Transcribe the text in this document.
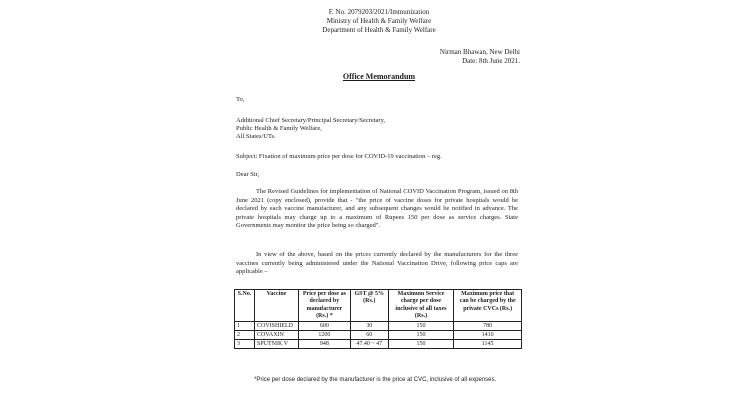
F. No. 2079203/2021/Immunization
Ministry of Health & Family Welfare
Department of Health & Family Welfare
Nirman Bhawan, New Delhi
Date: 8th June 2021.
Office Memorandum
To,
Additional Chief Secretary/Principal Secretary/Secretary,
Public Health & Family Welfare,
All States/UTs.
Subject: Fixation of maximum price per dose for COVID-19 vaccination – reg.
Dear Sir,
The Revised Guidelines for implementation of National COVID Vaccination Program, issued on 8th June 2021 (copy enclosed), provide that - "the price of vaccine doses for private hospitals would be declared by each vaccine manufacturer, and any subsequent changes would be notified in advance. The private hospitals may charge up to a maximum of Rupees 150 per dose as service charges. State Governments may monitor the price being so charged".
In view of the above, based on the prices currently declared by the manufacturers for the three vaccines currently being administered under the National Vaccination Drive, following price caps are applicable –
S.No.	Vaccine	Price per dose as declared by manufacturer (Rs.) *	GST @ 5% (Rs.)	Maximum Service charge per dose inclusive of all taxes (Rs.)	Maximum price that can be charged by the private CVCs (Rs.)
1	COVISHIELD	600	30	150	780
2	COVAXIN	1200	60	150	1410
3	SPUTNIK V	948	47.40 ~ 47	150	1145
*Price per dose declared by the manufacturer is the price at CVC, inclusive of all expenses.
